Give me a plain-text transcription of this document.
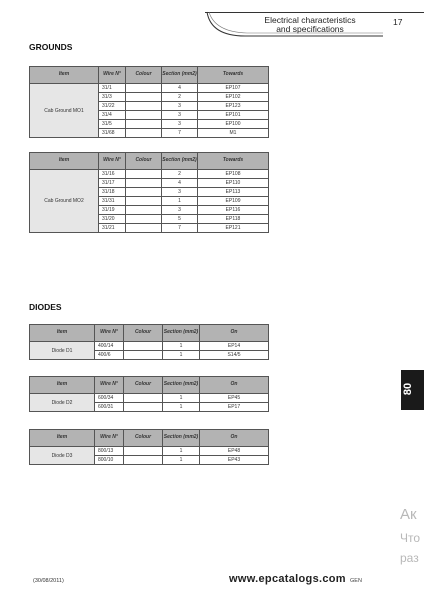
Electrical characteristics
and specifications
17
GROUNDS
Item	Wire N°	Colour	Section (mm2)	Towards
Cab Ground MO1	31/1		4	EP107
	31/3		2	EP102
	31/22		3	EP123
	31/4		3	EP101
	31/5		3	EP100
	31/68		7	M1
Item	Wire N°	Colour	Section (mm2)	Towards
Cab Ground MO2	31/16		2	EP108
	31/17		4	EP110
	31/18		3	EP113
	31/31		1	EP109
	31/19		3	EP116
	31/20		5	EP118
	31/21		7	EP121
DIODES
Item	Wire N°	Colour	Section (mm2)	On
Diode D1	400/14		1	EP14
	400/6		1	S14/5
Item	Wire N°	Colour	Section (mm2)	On
Diode D2	600/34		1	EP45
	600/31		1	EP17
Item	Wire N°	Colour	Section (mm2)	On
Diode D3	800/13		1	EP48
	800/10		1	EP43
80
Ак
Что
раз
(30/08/2011)	www.epcatalogs.com GEN
